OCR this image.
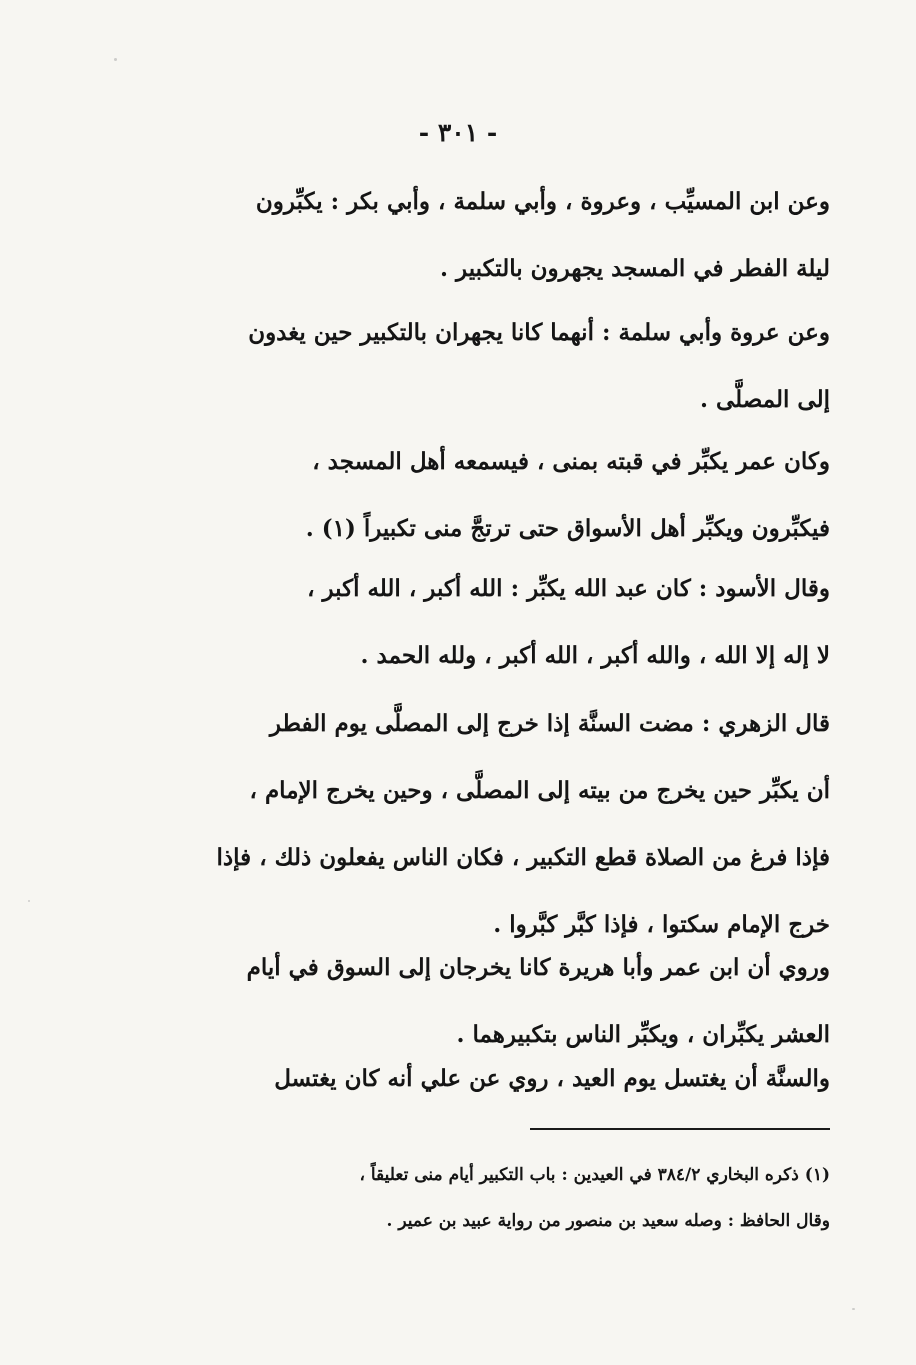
- ٣٠١ -
وعن ابن المسيِّب ، وعروة ، وأبي سلمة ، وأبي بكر : يكبِّرون
ليلة الفطر في المسجد يجهرون بالتكبير .
وعن عروة وأبي سلمة : أنهما كانا يجهران بالتكبير حين يغدون
إلى المصلَّى .
وكان عمر يكبِّر في قبته بمنى ، فيسمعه أهل المسجد ،
فيكبِّرون ويكبِّر أهل الأسواق حتى ترتجَّ منى تكبيراً (١) .
وقال الأسود : كان عبد الله يكبِّر : الله أكبر ، الله أكبر ،
لا إله إلا الله ، والله أكبر ، الله أكبر ، ولله الحمد .
قال الزهري : مضت السنَّة إذا خرج إلى المصلَّى يوم الفطر
أن يكبِّر حين يخرج من بيته إلى المصلَّى ، وحين يخرج الإمام ،
فإذا فرغ من الصلاة قطع التكبير ، فكان الناس يفعلون ذلك ، فإذا
خرج الإمام سكتوا ، فإذا كبَّر كبَّروا .
وروي أن ابن عمر وأبا هريرة كانا يخرجان إلى السوق في أيام
العشر يكبِّران ، ويكبِّر الناس بتكبيرهما .
والسنَّة أن يغتسل يوم العيد ، روي عن علي أنه كان يغتسل
(١) ذكره البخاري ٣٨٤/٢ في العيدين : باب التكبير أيام منى تعليقاً ،
وقال الحافظ : وصله سعيد بن منصور من رواية عبيد بن عمير .
